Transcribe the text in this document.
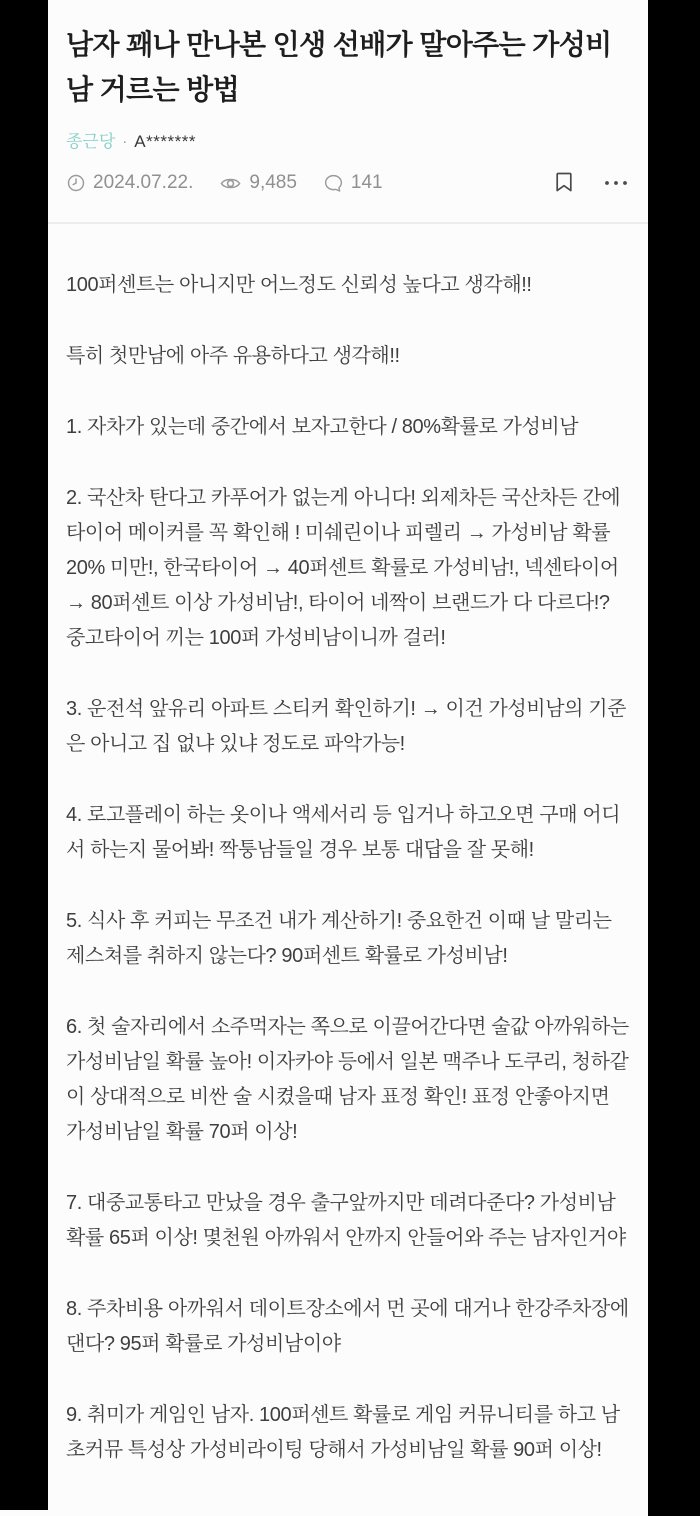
남자 꽤나 만나본 인생 선배가 말아주는 가성비 남 거르는 방법
종근당 · A*******
2024.07.22.	9,485	141

100퍼센트는 아니지만 어느정도 신뢰성 높다고 생각해!!

특히 첫만남에 아주 유용하다고 생각해!!

1. 자차가 있는데 중간에서 보자고한다 / 80%확률로 가성비남

2. 국산차 탄다고 카푸어가 없는게 아니다! 외제차든 국산차든 간에 타이어 메이커를 꼭 확인해 ! 미쉐린이나 피렐리 → 가성비남 확률 20% 미만!, 한국타이어 → 40퍼센트 확률로 가성비남!, 넥센타이어→ 80퍼센트 이상 가성비남!, 타이어 네짝이 브랜드가 다 다르다!? 중고타이어 끼는 100퍼 가성비남이니까 걸러!

3. 운전석 앞유리 아파트 스티커 확인하기! → 이건 가성비남의 기준은 아니고 집 없냐 있냐 정도로 파악가능!

4. 로고플레이 하는 옷이나 액세서리 등 입거나 하고오면 구매 어디서 하는지 물어봐! 짝퉁남들일 경우 보통 대답을 잘 못해!

5. 식사 후 커피는 무조건 내가 계산하기! 중요한건 이때 날 말리는 제스쳐를 취하지 않는다? 90퍼센트 확률로 가성비남!

6. 첫 술자리에서 소주먹자는 쪽으로 이끌어간다면 술값 아까워하는 가성비남일 확률 높아! 이자카야 등에서 일본 맥주나 도쿠리, 청하같이 상대적으로 비싼 술 시켰을때 남자 표정 확인! 표정 안좋아지면 가성비남일 확률 70퍼 이상!

7. 대중교통타고 만났을 경우 출구앞까지만 데려다준다? 가성비남 확률 65퍼 이상! 몇천원 아까워서 안까지 안들어와 주는 남자인거야

8. 주차비용 아까워서 데이트장소에서 먼 곳에 대거나 한강주차장에 댄다? 95퍼 확률로 가성비남이야

9. 취미가 게임인 남자. 100퍼센트 확률로 게임 커뮤니티를 하고 남초커뮤 특성상 가성비라이팅 당해서 가성비남일 확률 90퍼 이상!
